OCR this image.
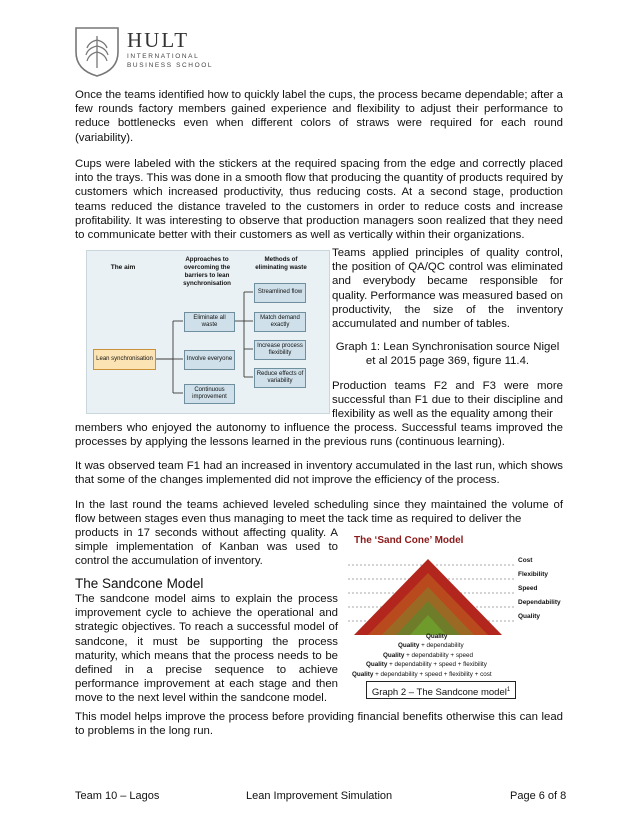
HULT
INTERNATIONAL
BUSINESS SCHOOL
Once the teams identified how to quickly label the cups, the process became dependable; after a few rounds factory members gained experience and flexibility to adjust their performance to reduce bottlenecks even when different colors of straws were required for each round (variability).
Cups were labeled with the stickers at the required spacing from the edge and correctly placed into the trays. This was done in a smooth flow that producing the quantity of products required by customers which increased productivity, thus reducing costs. At a second stage, production teams reduced the distance traveled to the customers in order to reduce costs and increase profitability. It was interesting to observe that production managers soon realized that they need to communicate better with their customers as well as vertically within their organizations.
The aim
Approaches to overcoming the barriers to lean synchronisation
Methods of eliminating waste
Lean synchronisation
Eliminate all waste
Involve everyone
Continuous improvement
Streamlined flow
Match demand exactly
Increase process flexibility
Reduce effects of variability
Teams applied principles of quality control, the position of QA/QC control was eliminated and everybody became responsible for quality. Performance was measured based on productivity, the size of the inventory accumulated and number of tables.
Graph 1: Lean Synchronisation source Nigel et al 2015 page 369, figure 11.4.
Production teams F2 and F3 were more successful than F1 due to their discipline and flexibility as well as the equality among their
members who enjoyed the autonomy to influence the process. Successful teams improved the processes by applying the lessons learned in the previous runs (continuous learning).
It was observed team F1 had an increased in inventory accumulated in the last run, which shows that some of the changes implemented did not improve the efficiency of the process.
In the last round the teams achieved leveled scheduling since they maintained the volume of flow between stages even thus managing to meet the tack time as required to deliver the
products in 17 seconds without affecting quality. A simple implementation of Kanban was used to control the accumulation of inventory.
The Sandcone Model
The sandcone model aims to explain the process improvement cycle to achieve the operational and strategic objectives. To reach a successful model of sandcone, it must be supporting the process maturity, which means that the process needs to be defined in a precise sequence to achieve performance improvement at each stage and then move to the next level within the sandcone model.
The ‘Sand Cone’ Model
Cost
Flexibility
Speed
Dependability
Quality
Quality
Quality + dependability
Quality + dependability + speed
Quality + dependability + speed + flexibility
Quality + dependability + speed + flexibility + cost
Graph 2 – The Sandcone model$^1$
This model helps improve the process before providing financial benefits otherwise this can lead to problems in the long run.
Team 10 – Lagos	Lean Improvement Simulation	Page 6 of 8
